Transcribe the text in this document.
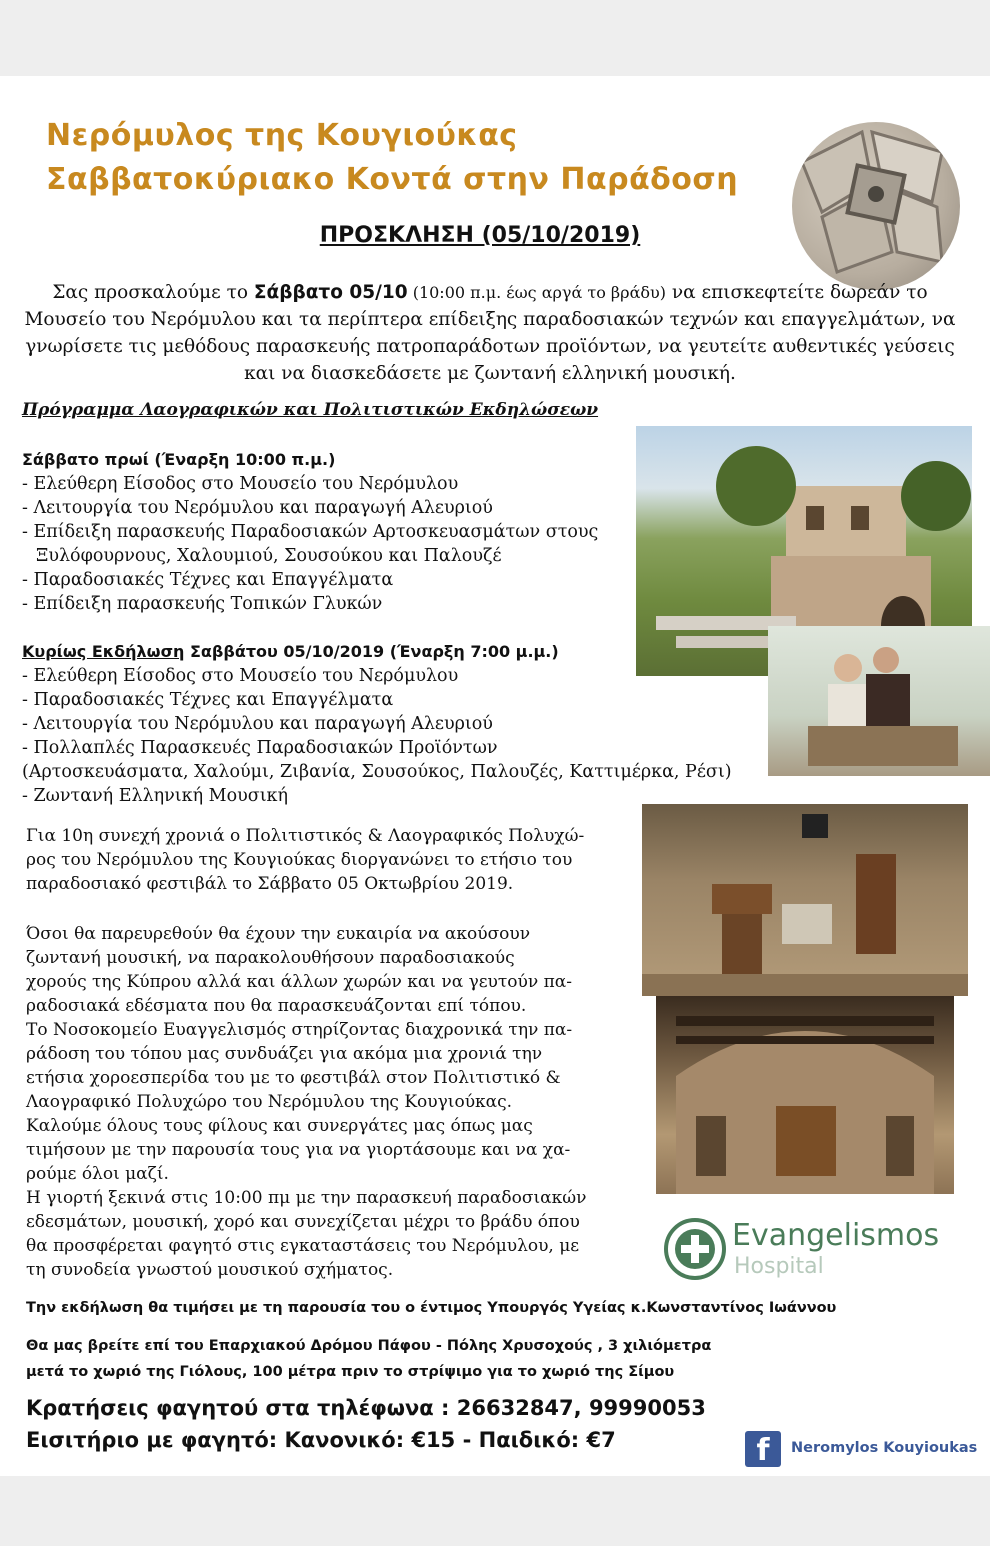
Νερόμυλος της Κουγιούκας
Σαββατοκύριακο Κοντά στην Παράδοση
ΠΡΟΣΚΛΗΣΗ (05/10/2019)
Σας προσκαλούμε το Σάββατο 05/10 (10:00 π.μ. έως αργά το βράδυ) να επισκεφτείτε δωρεάν το Μουσείο του Νερόμυλου και τα περίπτερα επίδειξης παραδοσιακών τεχνών και επαγγελμάτων, να γνωρίσετε τις μεθόδους παρασκευής πατροπαράδοτων προϊόντων, να γευτείτε αυθεντικές γεύσεις και να διασκεδάσετε με ζωντανή ελληνική μουσική.
Πρόγραμμα Λαογραφικών και Πολιτιστικών Εκδηλώσεων
Σάββατο πρωί (Έναρξη 10:00 π.μ.)
- Ελεύθερη Είσοδος στο Μουσείο του Νερόμυλου
- Λειτουργία του Νερόμυλου και παραγωγή Αλευριού
- Επίδειξη παρασκευής Παραδοσιακών Αρτοσκευασμάτων στους
Ξυλόφουρνους, Χαλουμιού, Σουσούκου και Παλουζέ
- Παραδοσιακές Τέχνες και Επαγγέλματα
- Επίδειξη παρασκευής Τοπικών Γλυκών
Κυρίως Εκδήλωση Σαββάτου 05/10/2019 (Έναρξη 7:00 μ.μ.)
- Ελεύθερη Είσοδος στο Μουσείο του Νερόμυλου
- Παραδοσιακές Τέχνες και Επαγγέλματα
- Λειτουργία του Νερόμυλου και παραγωγή Αλευριού
- Πολλαπλές Παρασκευές Παραδοσιακών Προϊόντων
(Αρτοσκευάσματα, Χαλούμι, Ζιβανία, Σουσούκος, Παλουζές, Καττιμέρκα, Ρέσι)
- Ζωντανή Ελληνική Μουσική
Για 10η συνεχή χρονιά ο Πολιτιστικός & Λαογραφικός Πολυχώ-
ρος του Νερόμυλου της Κουγιούκας διοργανώνει το ετήσιο του
παραδοσιακό φεστιβάλ το Σάββατο 05 Οκτωβρίου 2019.
Όσοι θα παρευρεθούν θα έχουν την ευκαιρία να ακούσουν
ζωντανή μουσική, να παρακολουθήσουν παραδοσιακούς
χορούς της Κύπρου αλλά και άλλων χωρών και να γευτούν πα-
ραδοσιακά εδέσματα που θα παρασκευάζονται επί τόπου.
Το Νοσοκομείο Ευαγγελισμός στηρίζοντας διαχρονικά την πα-
ράδοση του τόπου μας συνδυάζει για ακόμα μια χρονιά την
ετήσια χοροεσπερίδα του με το φεστιβάλ στον Πολιτιστικό &
Λαογραφικό Πολυχώρο του Νερόμυλου της Κουγιούκας.
Καλούμε όλους τους φίλους και συνεργάτες μας όπως μας
τιμήσουν με την παρουσία τους για να γιορτάσουμε και να χα-
ρούμε όλοι μαζί.
Η γιορτή ξεκινά στις 10:00 πμ με την παρασκευή παραδοσιακών
εδεσμάτων, μουσική, χορό και συνεχίζεται μέχρι το βράδυ όπου
θα προσφέρεται φαγητό στις εγκαταστάσεις του Νερόμυλου, με
τη συνοδεία γνωστού μουσικού σχήματος.
Evangelismos
Hospital
Την εκδήλωση θα τιμήσει με τη παρουσία του ο έντιμος Υπουργός Υγείας κ.Κωνσταντίνος Ιωάννου
Θα μας βρείτε επί του Επαρχιακού Δρόμου Πάφου - Πόλης Χρυσοχούς , 3 χιλιόμετρα
μετά το χωριό της Γιόλους, 100 μέτρα πριν το στρίψιμο για το χωριό της Σίμου
Κρατήσεις φαγητού στα τηλέφωνα : 26632847, 99990053
Εισιτήριο με φαγητό: Κανονικό: €15 - Παιδικό: €7	f	Neromylos Kouyioukas
